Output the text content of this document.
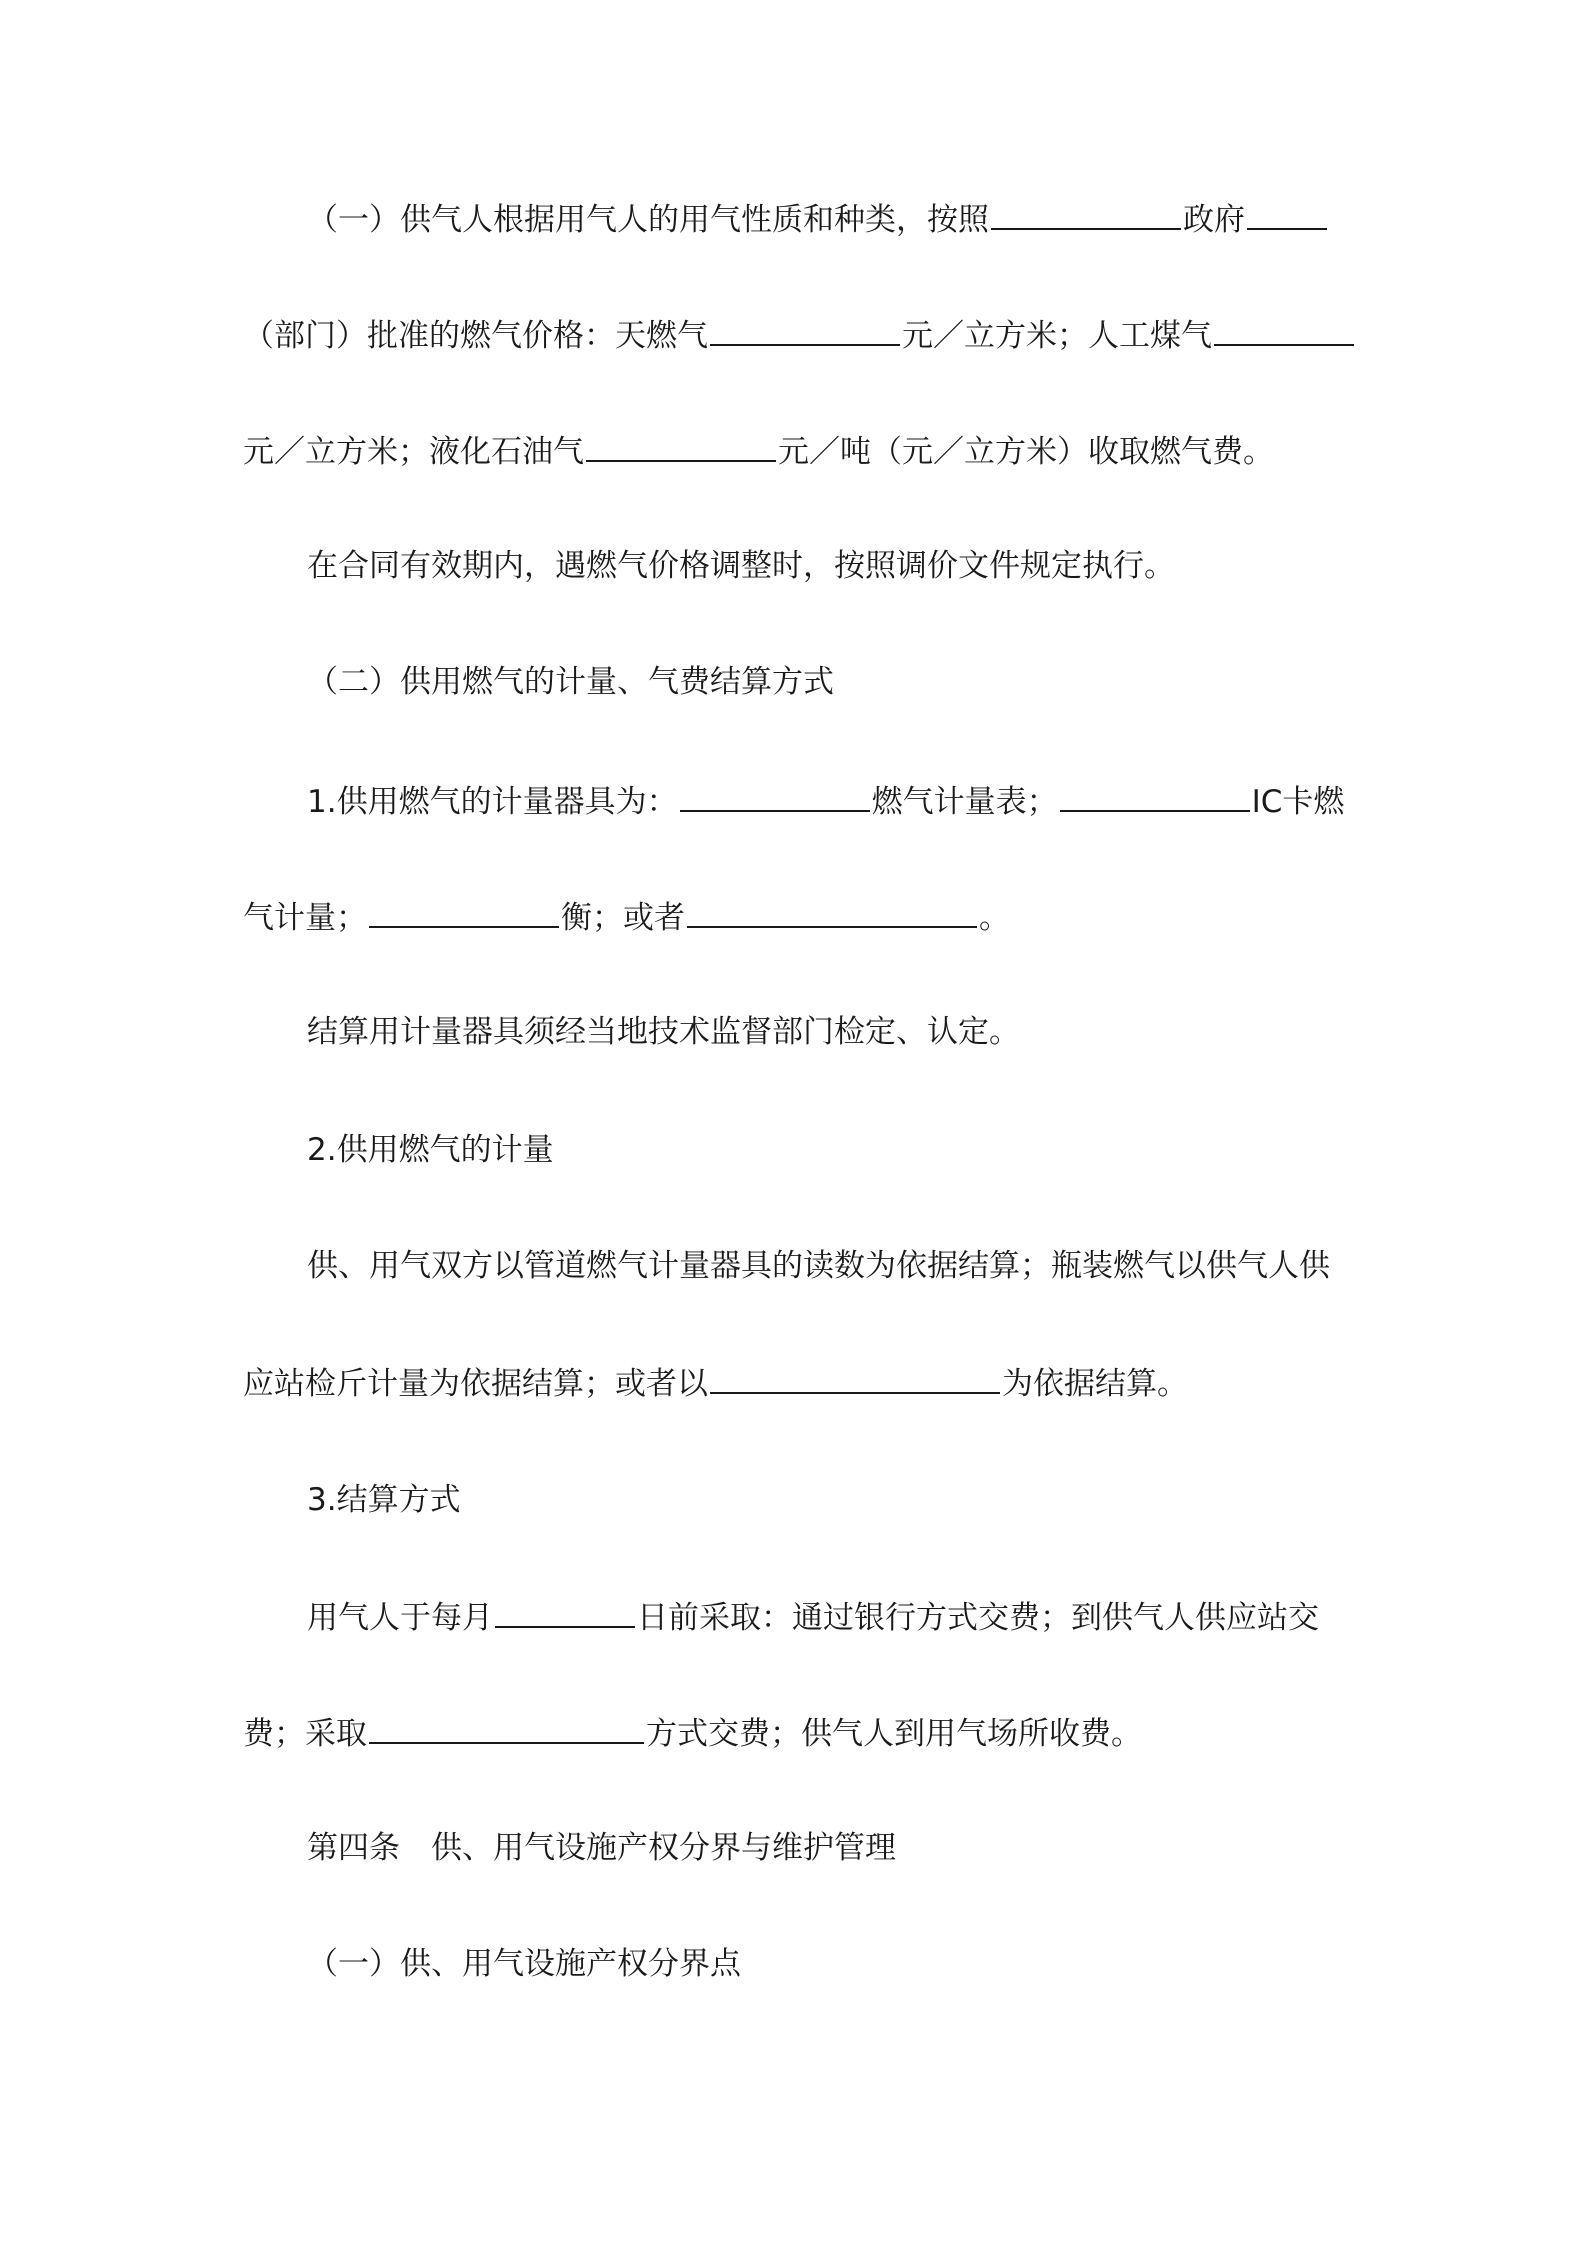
（一）供气人根据用气人的用气性质和种类，按照	政府
（部门）批准的燃气价格：天燃气	元／立方米；人工煤气
元／立方米；液化石油气	元／吨（元／立方米）收取燃气费。
在合同有效期内，遇燃气价格调整时，按照调价文件规定执行。
（二）供用燃气的计量、气费结算方式
1.供用燃气的计量器具为：	燃气计量表；	IC卡燃
气计量；	衡；或者	。
结算用计量器具须经当地技术监督部门检定、认定。
2.供用燃气的计量
供、用气双方以管道燃气计量器具的读数为依据结算；瓶装燃气以供气人供
应站检斤计量为依据结算；或者以	为依据结算。
3.结算方式
用气人于每月	日前采取：通过银行方式交费；到供气人供应站交
费；采取	方式交费；供气人到用气场所收费。
第四条　供、用气设施产权分界与维护管理
（一）供、用气设施产权分界点
